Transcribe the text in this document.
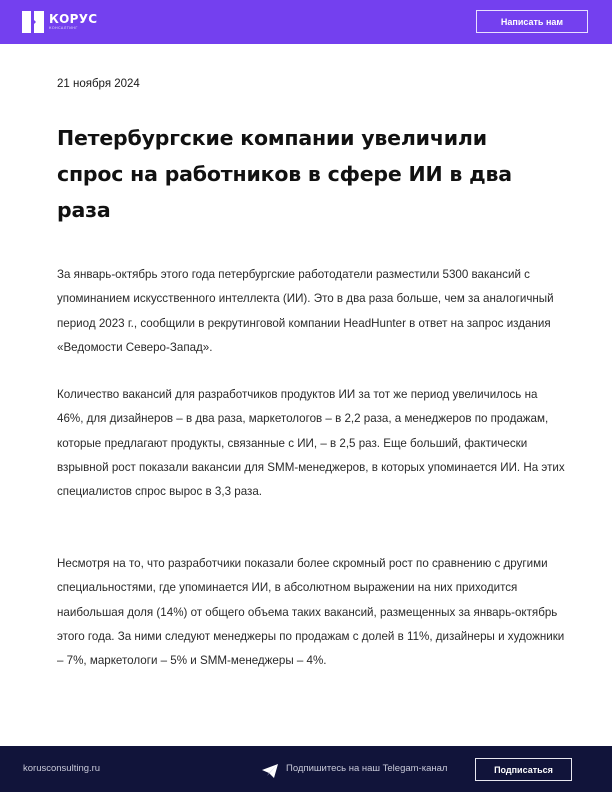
КОРУС
КОНСАЛТИНГ
Написать нам
21 ноября 2024
Петербургские компании увеличили спрос на работников в сфере ИИ в два раза

За январь-октябрь этого года петербургские работодатели разместили 5300 вакансий с упоминанием искусственного интеллекта (ИИ). Это в два раза больше, чем за аналогичный период 2023 г., сообщили в рекрутинговой компании HeadHunter в ответ на запрос издания «Ведомости Северо-Запад».

Количество вакансий для разработчиков продуктов ИИ за тот же период увеличилось на 46%, для дизайнеров – в два раза, маркетологов – в 2,2 раза, а менеджеров по продажам, которые предлагают продукты, связанные с ИИ, – в 2,5 раз. Еще больший, фактически взрывной рост показали вакансии для SMM-менеджеров, в которых упоминается ИИ. На этих специалистов спрос вырос в 3,3 раза.

Несмотря на то, что разработчики показали более скромный рост по сравнению с другими специальностями, где упоминается ИИ, в абсолютном выражении на них приходится наибольшая доля (14%) от общего объема таких вакансий, размещенных за январь-октябрь этого года. За ними следуют менеджеры по продажам с долей в 11%, дизайнеры и художники – 7%, маркетологи – 5% и SMM-менеджеры – 4%.

korusconsulting.ru	Подпишитесь на наш Telegam-канал	Подписаться
